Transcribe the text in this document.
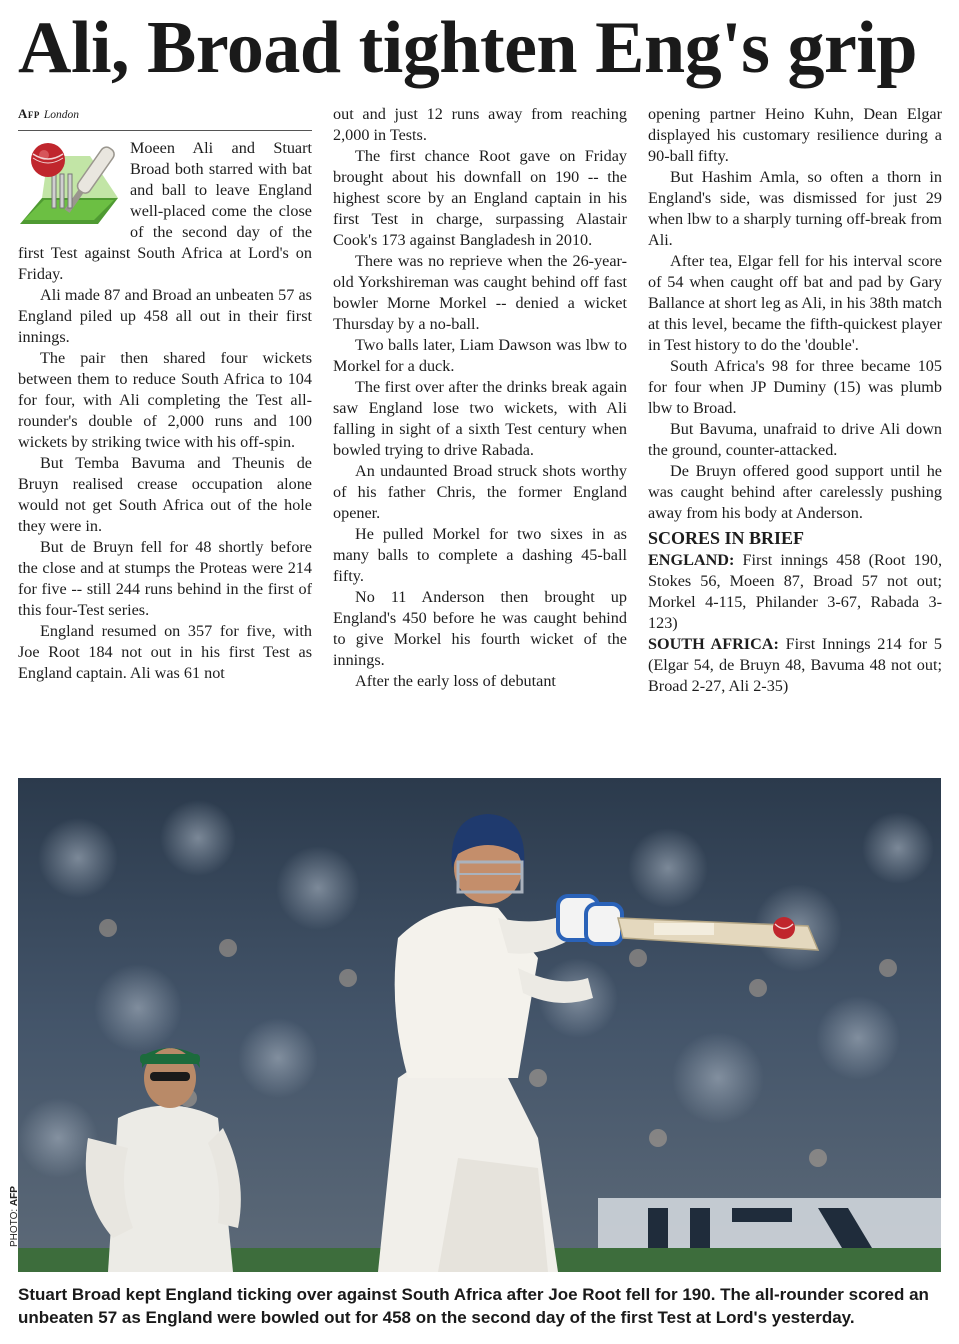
Ali, Broad tighten Eng's grip
Afp London

Moeen Ali and Stuart Broad both starred with bat and ball to leave England well-placed come the close of the second day of the first Test against South Africa at Lord's on Friday.

Ali made 87 and Broad an unbeaten 57 as England piled up 458 all out in their first innings.

The pair then shared four wickets between them to reduce South Africa to 104 for four, with Ali completing the Test all-rounder's double of 2,000 runs and 100 wickets by striking twice with his off-spin.

But Temba Bavuma and Theunis de Bruyn realised crease occupation alone would not get South Africa out of the hole they were in.

But de Bruyn fell for 48 shortly before the close and at stumps the Proteas were 214 for five -- still 244 runs behind in the first of this four-Test series.

England resumed on 357 for five, with Joe Root 184 not out in his first Test as England captain. Ali was 61 not

out and just 12 runs away from reaching 2,000 in Tests.

The first chance Root gave on Friday brought about his downfall on 190 -- the highest score by an England captain in his first Test in charge, surpassing Alastair Cook's 173 against Bangladesh in 2010.

There was no reprieve when the 26-year-old Yorkshireman was caught behind off fast bowler Morne Morkel -- denied a wicket Thursday by a no-ball.

Two balls later, Liam Dawson was lbw to Morkel for a duck.

The first over after the drinks break again saw England lose two wickets, with Ali falling in sight of a sixth Test century when bowled trying to drive Rabada.

An undaunted Broad struck shots worthy of his father Chris, the former England opener.

He pulled Morkel for two sixes in as many balls to complete a dashing 45-ball fifty.

No 11 Anderson then brought up England's 450 before he was caught behind to give Morkel his fourth wicket of the innings.

After the early loss of debutant

opening partner Heino Kuhn, Dean Elgar displayed his customary resilience during a 90-ball fifty.

But Hashim Amla, so often a thorn in England's side, was dismissed for just 29 when lbw to a sharply turning off-break from Ali.

After tea, Elgar fell for his interval score of 54 when caught off bat and pad by Gary Ballance at short leg as Ali, in his 38th match at this level, became the fifth-quickest player in Test history to do the 'double'.

South Africa's 98 for three became 105 for four when JP Duminy (15) was plumb lbw to Broad.

But Bavuma, unafraid to drive Ali down the ground, counter-attacked.

De Bruyn offered good support until he was caught behind after carelessly pushing away from his body at Anderson.

SCORES IN BRIEF

ENGLAND: First innings 458 (Root 190, Stokes 56, Moeen 87, Broad 57 not out; Morkel 4-115, Philander 3-67, Rabada 3-123)

SOUTH AFRICA: First Innings 214 for 5 (Elgar 54, de Bruyn 48, Bavuma 48 not out; Broad 2-27, Ali 2-35)

PHOTO: AFP
Stuart Broad kept England ticking over against South Africa after Joe Root fell for 190. The all-rounder scored an unbeaten 57 as England were bowled out for 458 on the second day of the first Test at Lord's yesterday.
